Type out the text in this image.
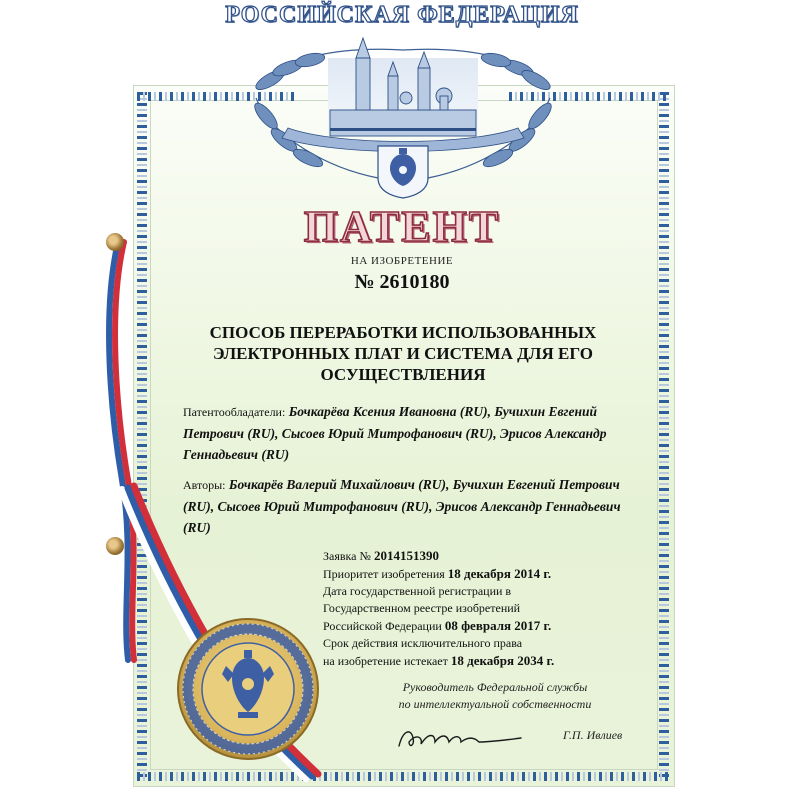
РОССИЙСКАЯ ФЕДЕРАЦИЯ
ПАТЕНТ
НА ИЗОБРЕТЕНИЕ
№ 2610180
СПОСОБ ПЕРЕРАБОТКИ ИСПОЛЬЗОВАННЫХ ЭЛЕКТРОННЫХ ПЛАТ И СИСТЕМА ДЛЯ ЕГО ОСУЩЕСТВЛЕНИЯ
Патентообладатели: Бочкарёва Ксения Ивановна (RU), Бучихин Евгений Петрович (RU), Сысоев Юрий Митрофанович (RU), Эрисов Александр Геннадьевич (RU)
Авторы: Бочкарёв Валерий Михайлович (RU), Бучихин Евгений Петрович (RU), Сысоев Юрий Митрофанович (RU), Эрисов Александр Геннадьевич (RU)
Заявка № 2014151390
Приоритет изобретения 18 декабря 2014 г.
Дата государственной регистрации в
Государственном реестре изобретений
Российской Федерации 08 февраля 2017 г.
Срок действия исключительного права
на изобретение истекает 18 декабря 2034 г.
Руководитель Федеральной службы
по интеллектуальной собственности
Г.П. Ивлиев
